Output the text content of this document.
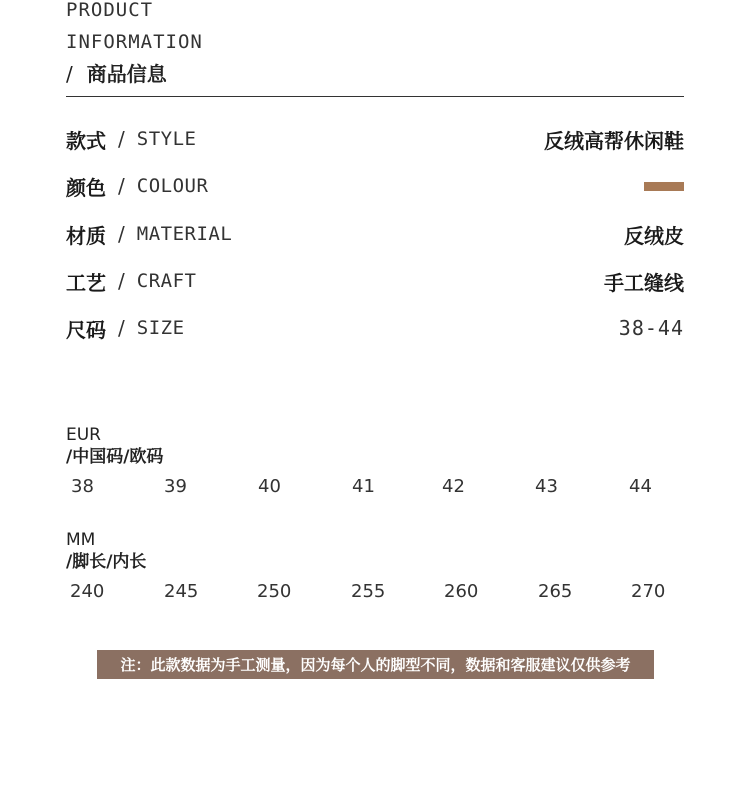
PRODUCT
INFORMATION
/ 商品信息
款式 / STYLE	反绒高帮休闲鞋
颜色 / COLOUR
材质 / MATERIAL	反绒皮
工艺 / CRAFT	手工缝线
尺码 / SIZE	38-44
EUR
/中国码/欧码
38	39	40	41	42	43	44
MM
/脚长/内长
240	245	250	255	260	265	270
注：此款数据为手工测量，因为每个人的脚型不同，数据和客服建议仅供参考
